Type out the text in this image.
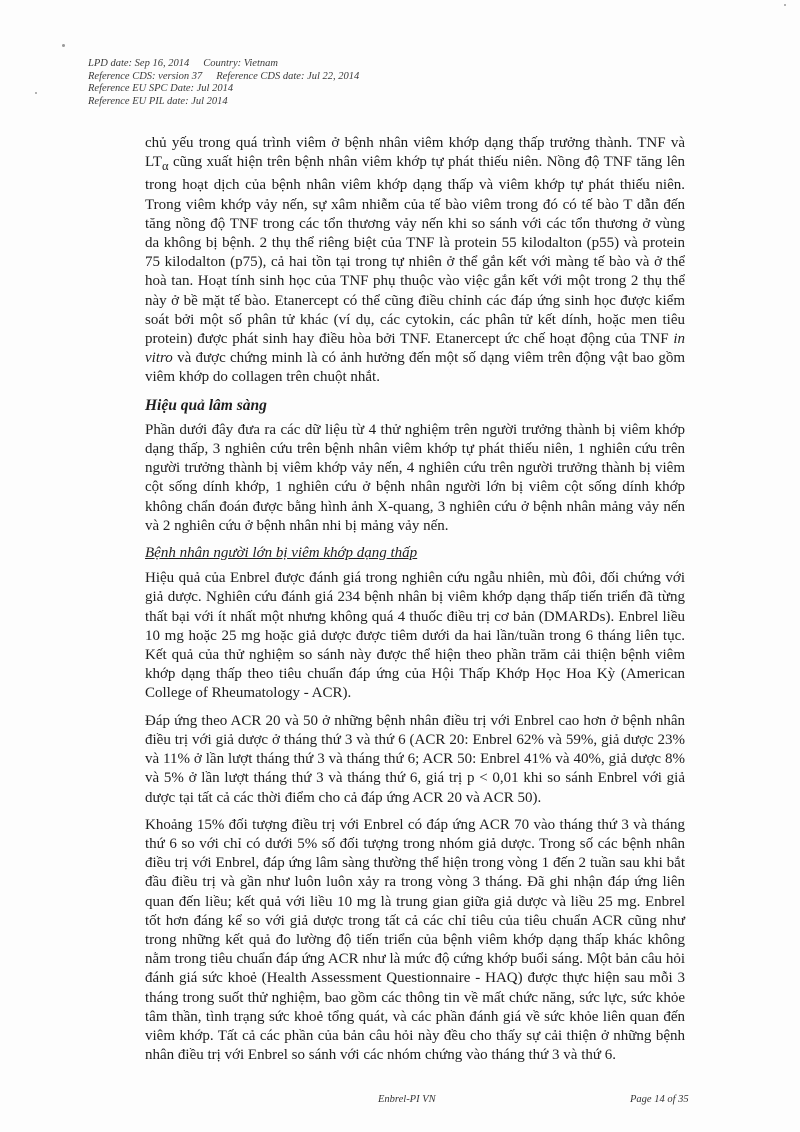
LPD date: Sep 16, 2014 Country: Vietnam
Reference CDS: version 37 Reference CDS date: Jul 22, 2014
Reference EU SPC Date: Jul 2014
Reference EU PIL date: Jul 2014

chủ yếu trong quá trình viêm ở bệnh nhân viêm khớp dạng thấp trưởng thành. TNF và $LT_\alpha$ cũng xuất hiện trên bệnh nhân viêm khớp tự phát thiếu niên. Nồng độ TNF tăng lên trong hoạt dịch của bệnh nhân viêm khớp dạng thấp và viêm khớp tự phát thiếu niên. Trong viêm khớp vảy nến, sự xâm nhiễm của tế bào viêm trong đó có tế bào T dẫn đến tăng nồng độ TNF trong các tổn thương vảy nến khi so sánh với các tổn thương ở vùng da không bị bệnh. 2 thụ thể riêng biệt của TNF là protein 55 kilodalton (p55) và protein 75 kilodalton (p75), cả hai tồn tại trong tự nhiên ở thể gắn kết với màng tế bào và ở thể hoà tan. Hoạt tính sinh học của TNF phụ thuộc vào việc gắn kết với một trong 2 thụ thể này ở bề mặt tế bào. Etanercept có thể cũng điều chỉnh các đáp ứng sinh học được kiểm soát bởi một số phân tử khác (ví dụ, các cytokin, các phân tử kết dính, hoặc men tiêu protein) được phát sinh hay điều hòa bởi TNF. Etanercept ức chế hoạt động của TNF in vitro và được chứng minh là có ảnh hưởng đến một số dạng viêm trên động vật bao gồm viêm khớp do collagen trên chuột nhắt.

Hiệu quả lâm sàng

Phần dưới đây đưa ra các dữ liệu từ 4 thử nghiệm trên người trưởng thành bị viêm khớp dạng thấp, 3 nghiên cứu trên bệnh nhân viêm khớp tự phát thiếu niên, 1 nghiên cứu trên người trưởng thành bị viêm khớp vảy nến, 4 nghiên cứu trên người trưởng thành bị viêm cột sống dính khớp, 1 nghiên cứu ở bệnh nhân người lớn bị viêm cột sống dính khớp không chẩn đoán được bằng hình ảnh X-quang, 3 nghiên cứu ở bệnh nhân mảng vảy nến và 2 nghiên cứu ở bệnh nhân nhi bị mảng vảy nến.

Bệnh nhân người lớn bị viêm khớp dạng thấp

Hiệu quả của Enbrel được đánh giá trong nghiên cứu ngẫu nhiên, mù đôi, đối chứng với giả dược. Nghiên cứu đánh giá 234 bệnh nhân bị viêm khớp dạng thấp tiến triển đã từng thất bại với ít nhất một nhưng không quá 4 thuốc điều trị cơ bản (DMARDs). Enbrel liều 10 mg hoặc 25 mg hoặc giả dược được tiêm dưới da hai lần/tuần trong 6 tháng liên tục. Kết quả của thử nghiệm so sánh này được thể hiện theo phần trăm cải thiện bệnh viêm khớp dạng thấp theo tiêu chuẩn đáp ứng của Hội Thấp Khớp Học Hoa Kỳ (American College of Rheumatology - ACR).

Đáp ứng theo ACR 20 và 50 ở những bệnh nhân điều trị với Enbrel cao hơn ở bệnh nhân điều trị với giả dược ở tháng thứ 3 và thứ 6 (ACR 20: Enbrel 62% và 59%, giả dược 23% và 11% ở lần lượt tháng thứ 3 và tháng thứ 6; ACR 50: Enbrel 41% và 40%, giả dược 8% và 5% ở lần lượt tháng thứ 3 và tháng thứ 6, giá trị p < 0,01 khi so sánh Enbrel với giả dược tại tất cả các thời điểm cho cả đáp ứng ACR 20 và ACR 50).

Khoảng 15% đối tượng điều trị với Enbrel có đáp ứng ACR 70 vào tháng thứ 3 và tháng thứ 6 so với chỉ có dưới 5% số đối tượng trong nhóm giả dược. Trong số các bệnh nhân điều trị với Enbrel, đáp ứng lâm sàng thường thể hiện trong vòng 1 đến 2 tuần sau khi bắt đầu điều trị và gần như luôn luôn xảy ra trong vòng 3 tháng. Đã ghi nhận đáp ứng liên quan đến liều; kết quả với liều 10 mg là trung gian giữa giả dược và liều 25 mg. Enbrel tốt hơn đáng kể so với giả dược trong tất cả các chỉ tiêu của tiêu chuẩn ACR cũng như trong những kết quả đo lường độ tiến triển của bệnh viêm khớp dạng thấp khác không nằm trong tiêu chuẩn đáp ứng ACR như là mức độ cứng khớp buổi sáng. Một bản câu hỏi đánh giá sức khoẻ (Health Assessment Questionnaire - HAQ) được thực hiện sau mỗi 3 tháng trong suốt thử nghiệm, bao gồm các thông tin về mất chức năng, sức lực, sức khỏe tâm thần, tình trạng sức khoẻ tổng quát, và các phần đánh giá về sức khỏe liên quan đến viêm khớp. Tất cả các phần của bản câu hỏi này đều cho thấy sự cải thiện ở những bệnh nhân điều trị với Enbrel so sánh với các nhóm chứng vào tháng thứ 3 và thứ 6.

Enbrel-PI VN	Page 14 of 35
